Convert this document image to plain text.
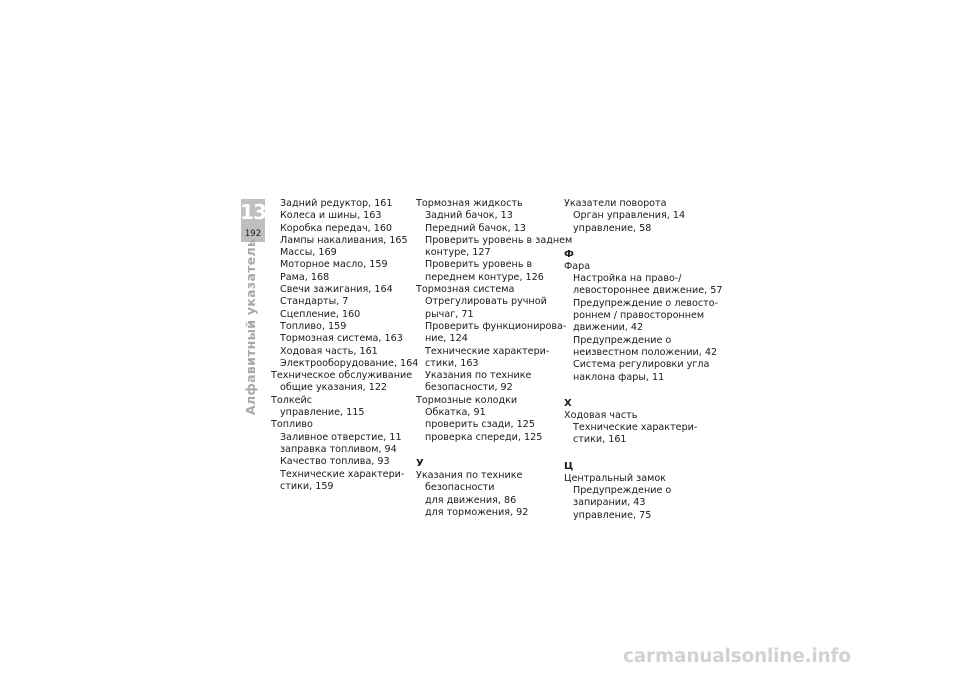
13
192
Алфавитный указатель
Задний редуктор, 161
Колеса и шины, 163
Коробка передач, 160
Лампы накаливания, 165
Массы, 169
Моторное масло, 159
Рама, 168
Свечи зажигания, 164
Стандарты, 7
Сцепление, 160
Топливо, 159
Тормозная система, 163
Ходовая часть, 161
Электрооборудование, 164
Техническое обслуживание
общие указания, 122
Толкейс
управление, 115
Топливо
Заливное отверстие, 11
заправка топливом, 94
Качество топлива, 93
Технические характери-
стики, 159
Тормозная жидкость
Задний бачок, 13
Передний бачок, 13
Проверить уровень в заднем
контуре, 127
Проверить уровень в
переднем контуре, 126
Тормозная система
Отрегулировать ручной
рычаг, 71
Проверить функционирова-
ние, 124
Технические характери-
стики, 163
Указания по технике
безопасности, 92
Тормозные колодки
Обкатка, 91
проверить сзади, 125
проверка спереди, 125
У
Указания по технике
безопасности
для движения, 86
для торможения, 92
Указатели поворота
Орган управления, 14
управление, 58
Ф
Фара
Настройка на право-/
левостороннее движение, 57
Предупреждение о левосто-
роннем / правостороннем
движении, 42
Предупреждение о
неизвестном положении, 42
Система регулировки угла
наклона фары, 11
Х
Ходовая часть
Технические характери-
стики, 161
Ц
Центральный замок
Предупреждение о
запирании, 43
управление, 75
carmanualsonline.info
